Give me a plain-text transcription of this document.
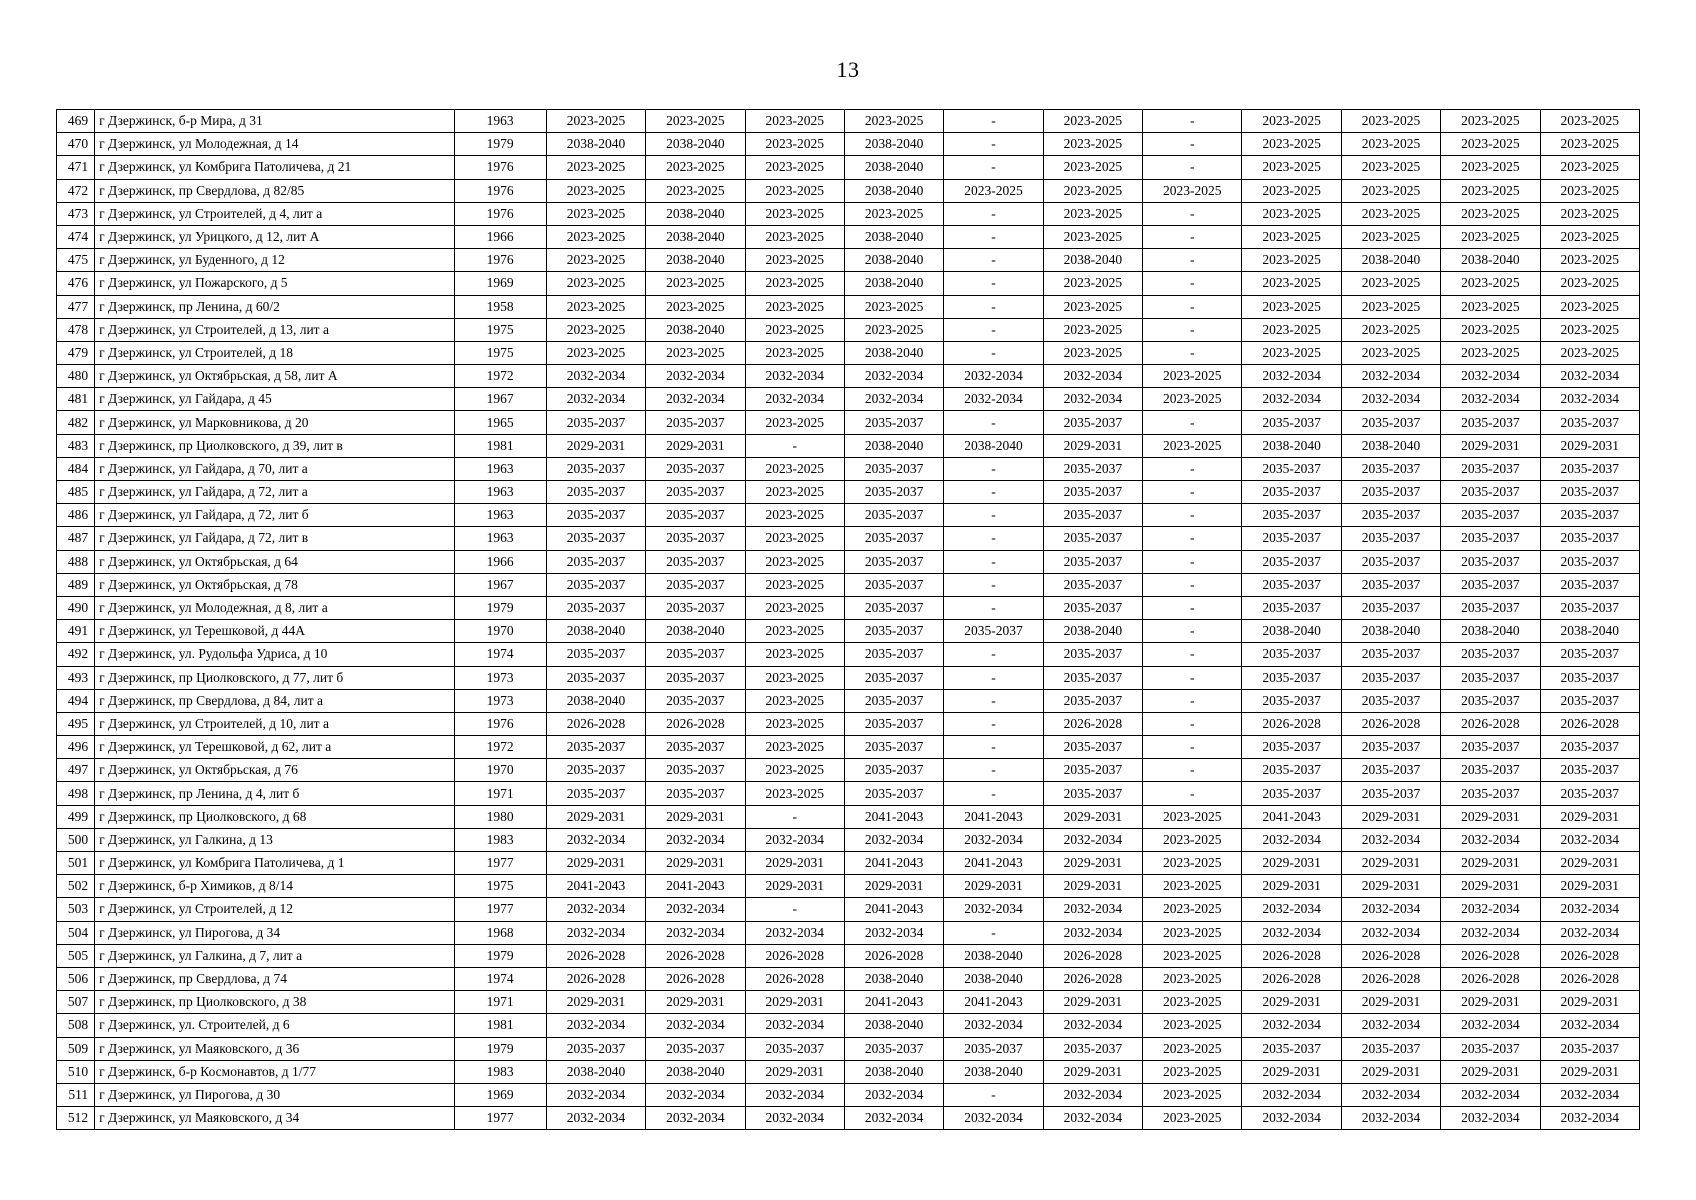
13
469	г Дзержинск, б-р Мира, д 31	1963	2023-2025	2023-2025	2023-2025	2023-2025	-	2023-2025	-	2023-2025	2023-2025	2023-2025	2023-2025
470	г Дзержинск, ул Молодежная, д 14	1979	2038-2040	2038-2040	2023-2025	2038-2040	-	2023-2025	-	2023-2025	2023-2025	2023-2025	2023-2025
471	г Дзержинск, ул Комбрига Патоличева, д 21	1976	2023-2025	2023-2025	2023-2025	2038-2040	-	2023-2025	-	2023-2025	2023-2025	2023-2025	2023-2025
472	г Дзержинск, пр Свердлова, д 82/85	1976	2023-2025	2023-2025	2023-2025	2038-2040	2023-2025	2023-2025	2023-2025	2023-2025	2023-2025	2023-2025	2023-2025
473	г Дзержинск, ул Строителей, д 4, лит а	1976	2023-2025	2038-2040	2023-2025	2023-2025	-	2023-2025	-	2023-2025	2023-2025	2023-2025	2023-2025
474	г Дзержинск, ул Урицкого, д 12, лит А	1966	2023-2025	2038-2040	2023-2025	2038-2040	-	2023-2025	-	2023-2025	2023-2025	2023-2025	2023-2025
475	г Дзержинск, ул Буденного, д 12	1976	2023-2025	2038-2040	2023-2025	2038-2040	-	2038-2040	-	2023-2025	2038-2040	2038-2040	2023-2025
476	г Дзержинск, ул Пожарского, д 5	1969	2023-2025	2023-2025	2023-2025	2038-2040	-	2023-2025	-	2023-2025	2023-2025	2023-2025	2023-2025
477	г Дзержинск, пр Ленина, д 60/2	1958	2023-2025	2023-2025	2023-2025	2023-2025	-	2023-2025	-	2023-2025	2023-2025	2023-2025	2023-2025
478	г Дзержинск, ул Строителей, д 13, лит а	1975	2023-2025	2038-2040	2023-2025	2023-2025	-	2023-2025	-	2023-2025	2023-2025	2023-2025	2023-2025
479	г Дзержинск, ул Строителей, д 18	1975	2023-2025	2023-2025	2023-2025	2038-2040	-	2023-2025	-	2023-2025	2023-2025	2023-2025	2023-2025
480	г Дзержинск, ул Октябрьская, д 58, лит А	1972	2032-2034	2032-2034	2032-2034	2032-2034	2032-2034	2032-2034	2023-2025	2032-2034	2032-2034	2032-2034	2032-2034
481	г Дзержинск, ул Гайдара, д 45	1967	2032-2034	2032-2034	2032-2034	2032-2034	2032-2034	2032-2034	2023-2025	2032-2034	2032-2034	2032-2034	2032-2034
482	г Дзержинск, ул Марковникова, д 20	1965	2035-2037	2035-2037	2023-2025	2035-2037	-	2035-2037	-	2035-2037	2035-2037	2035-2037	2035-2037
483	г Дзержинск, пр Циолковского, д 39, лит в	1981	2029-2031	2029-2031	-	2038-2040	2038-2040	2029-2031	2023-2025	2038-2040	2038-2040	2029-2031	2029-2031
484	г Дзержинск, ул Гайдара, д 70, лит а	1963	2035-2037	2035-2037	2023-2025	2035-2037	-	2035-2037	-	2035-2037	2035-2037	2035-2037	2035-2037
485	г Дзержинск, ул Гайдара, д 72, лит а	1963	2035-2037	2035-2037	2023-2025	2035-2037	-	2035-2037	-	2035-2037	2035-2037	2035-2037	2035-2037
486	г Дзержинск, ул Гайдара, д 72, лит б	1963	2035-2037	2035-2037	2023-2025	2035-2037	-	2035-2037	-	2035-2037	2035-2037	2035-2037	2035-2037
487	г Дзержинск, ул Гайдара, д 72, лит в	1963	2035-2037	2035-2037	2023-2025	2035-2037	-	2035-2037	-	2035-2037	2035-2037	2035-2037	2035-2037
488	г Дзержинск, ул Октябрьская, д 64	1966	2035-2037	2035-2037	2023-2025	2035-2037	-	2035-2037	-	2035-2037	2035-2037	2035-2037	2035-2037
489	г Дзержинск, ул Октябрьская, д 78	1967	2035-2037	2035-2037	2023-2025	2035-2037	-	2035-2037	-	2035-2037	2035-2037	2035-2037	2035-2037
490	г Дзержинск, ул Молодежная, д 8, лит а	1979	2035-2037	2035-2037	2023-2025	2035-2037	-	2035-2037	-	2035-2037	2035-2037	2035-2037	2035-2037
491	г Дзержинск, ул Терешковой, д 44А	1970	2038-2040	2038-2040	2023-2025	2035-2037	2035-2037	2038-2040	-	2038-2040	2038-2040	2038-2040	2038-2040
492	г Дзержинск, ул. Рудольфа Удриса, д 10	1974	2035-2037	2035-2037	2023-2025	2035-2037	-	2035-2037	-	2035-2037	2035-2037	2035-2037	2035-2037
493	г Дзержинск, пр Циолковского, д 77, лит б	1973	2035-2037	2035-2037	2023-2025	2035-2037	-	2035-2037	-	2035-2037	2035-2037	2035-2037	2035-2037
494	г Дзержинск, пр Свердлова, д 84, лит а	1973	2038-2040	2035-2037	2023-2025	2035-2037	-	2035-2037	-	2035-2037	2035-2037	2035-2037	2035-2037
495	г Дзержинск, ул Строителей, д 10, лит а	1976	2026-2028	2026-2028	2023-2025	2035-2037	-	2026-2028	-	2026-2028	2026-2028	2026-2028	2026-2028
496	г Дзержинск, ул Терешковой, д 62, лит а	1972	2035-2037	2035-2037	2023-2025	2035-2037	-	2035-2037	-	2035-2037	2035-2037	2035-2037	2035-2037
497	г Дзержинск, ул Октябрьская, д 76	1970	2035-2037	2035-2037	2023-2025	2035-2037	-	2035-2037	-	2035-2037	2035-2037	2035-2037	2035-2037
498	г Дзержинск, пр Ленина, д 4, лит б	1971	2035-2037	2035-2037	2023-2025	2035-2037	-	2035-2037	-	2035-2037	2035-2037	2035-2037	2035-2037
499	г Дзержинск, пр Циолковского, д 68	1980	2029-2031	2029-2031	-	2041-2043	2041-2043	2029-2031	2023-2025	2041-2043	2029-2031	2029-2031	2029-2031
500	г Дзержинск, ул Галкина, д 13	1983	2032-2034	2032-2034	2032-2034	2032-2034	2032-2034	2032-2034	2023-2025	2032-2034	2032-2034	2032-2034	2032-2034
501	г Дзержинск, ул Комбрига Патоличева, д 1	1977	2029-2031	2029-2031	2029-2031	2041-2043	2041-2043	2029-2031	2023-2025	2029-2031	2029-2031	2029-2031	2029-2031
502	г Дзержинск, б-р Химиков, д 8/14	1975	2041-2043	2041-2043	2029-2031	2029-2031	2029-2031	2029-2031	2023-2025	2029-2031	2029-2031	2029-2031	2029-2031
503	г Дзержинск, ул Строителей, д 12	1977	2032-2034	2032-2034	-	2041-2043	2032-2034	2032-2034	2023-2025	2032-2034	2032-2034	2032-2034	2032-2034
504	г Дзержинск, ул Пирогова, д 34	1968	2032-2034	2032-2034	2032-2034	2032-2034	-	2032-2034	2023-2025	2032-2034	2032-2034	2032-2034	2032-2034
505	г Дзержинск, ул Галкина, д 7, лит а	1979	2026-2028	2026-2028	2026-2028	2026-2028	2038-2040	2026-2028	2023-2025	2026-2028	2026-2028	2026-2028	2026-2028
506	г Дзержинск, пр Свердлова, д 74	1974	2026-2028	2026-2028	2026-2028	2038-2040	2038-2040	2026-2028	2023-2025	2026-2028	2026-2028	2026-2028	2026-2028
507	г Дзержинск, пр Циолковского, д 38	1971	2029-2031	2029-2031	2029-2031	2041-2043	2041-2043	2029-2031	2023-2025	2029-2031	2029-2031	2029-2031	2029-2031
508	г Дзержинск, ул. Строителей, д 6	1981	2032-2034	2032-2034	2032-2034	2038-2040	2032-2034	2032-2034	2023-2025	2032-2034	2032-2034	2032-2034	2032-2034
509	г Дзержинск, ул Маяковского, д 36	1979	2035-2037	2035-2037	2035-2037	2035-2037	2035-2037	2035-2037	2023-2025	2035-2037	2035-2037	2035-2037	2035-2037
510	г Дзержинск, б-р Космонавтов, д 1/77	1983	2038-2040	2038-2040	2029-2031	2038-2040	2038-2040	2029-2031	2023-2025	2029-2031	2029-2031	2029-2031	2029-2031
511	г Дзержинск, ул Пирогова, д 30	1969	2032-2034	2032-2034	2032-2034	2032-2034	-	2032-2034	2023-2025	2032-2034	2032-2034	2032-2034	2032-2034
512	г Дзержинск, ул Маяковского, д 34	1977	2032-2034	2032-2034	2032-2034	2032-2034	2032-2034	2032-2034	2023-2025	2032-2034	2032-2034	2032-2034	2032-2034
